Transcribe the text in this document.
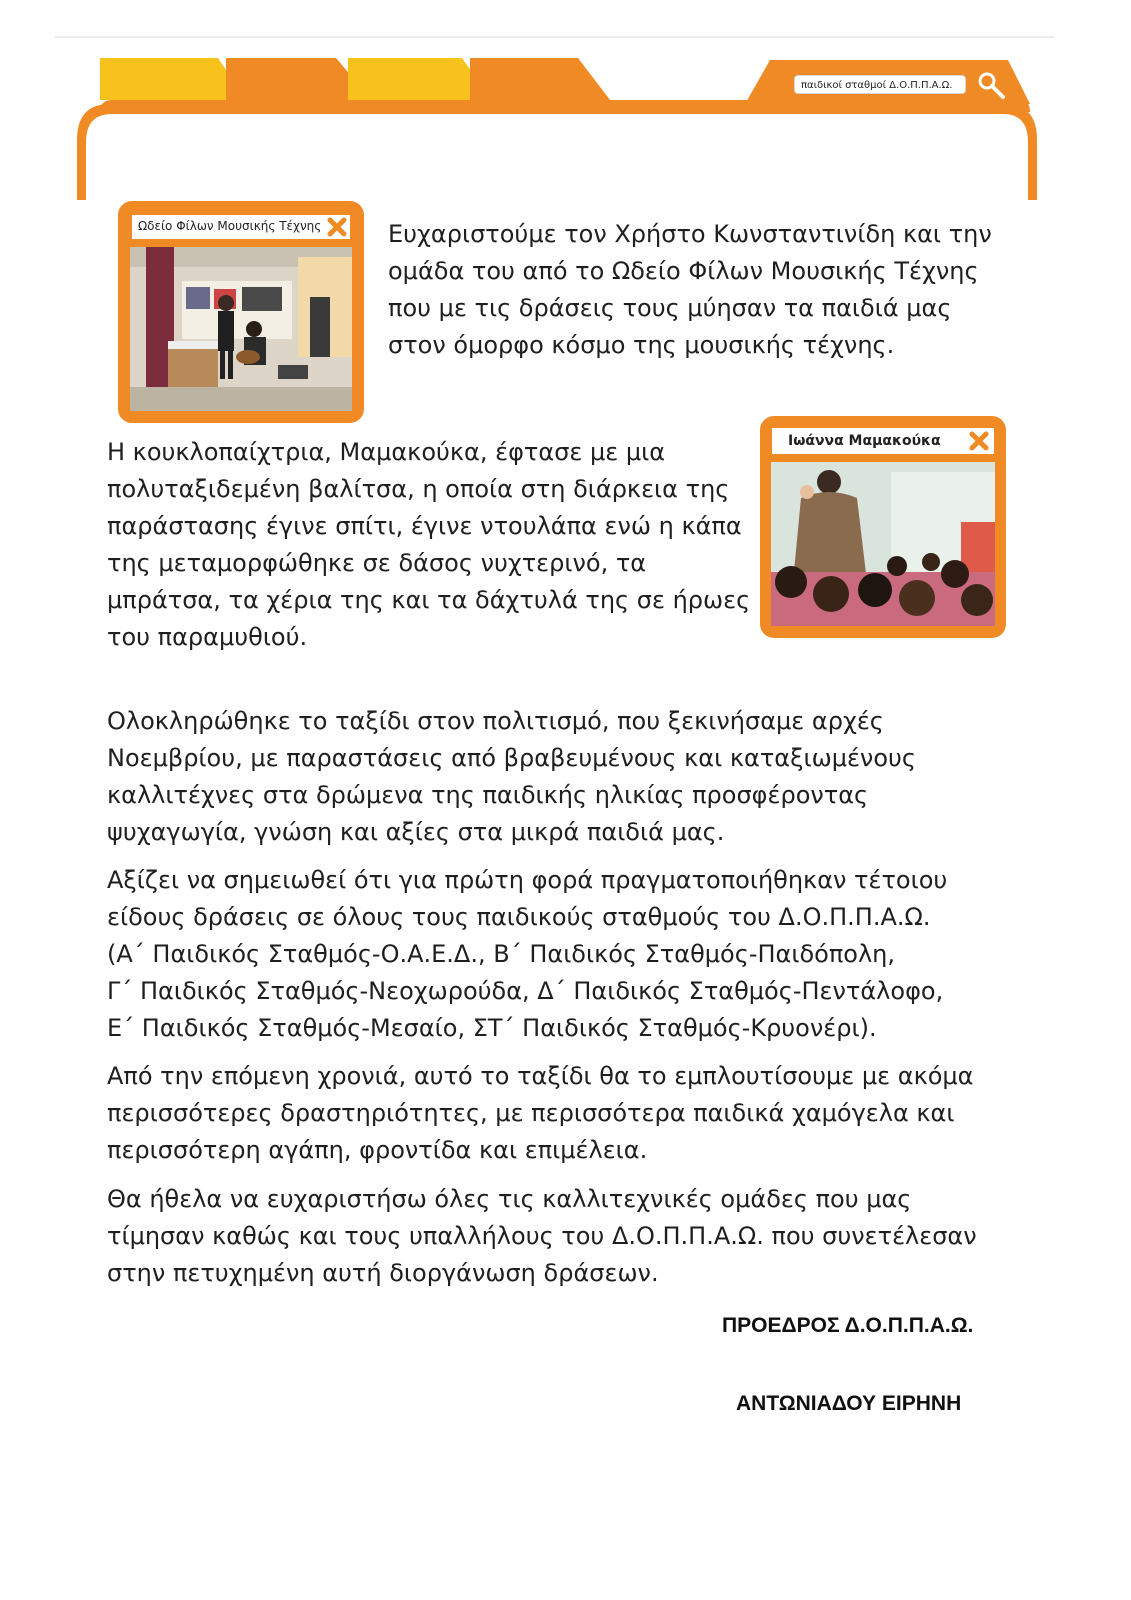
παιδικοί σταθμοί Δ.Ο.Π.Π.Α.Ω.
Ωδείο Φίλων Μουσικής Τέχνης	Ευχαριστούμε τον Χρήστο Κωνσταντινίδη και την
ομάδα του από το Ωδείο Φίλων Μουσικής Τέχνης
που με τις δράσεις τους μύησαν τα παιδιά μας
στον όμορφο κόσμο της μουσικής τέχνης.

Ιωάννα Μαμακούκα

Η κουκλοπαίχτρια, Μαμακούκα, έφτασε με μια
πολυταξιδεμένη βαλίτσα, η οποία στη διάρκεια της
παράστασης έγινε σπίτι, έγινε ντουλάπα ενώ η κάπα
της μεταμορφώθηκε σε δάσος νυχτερινό, τα
μπράτσα, τα χέρια της και τα δάχτυλά της σε ήρωες
του παραμυθιού.

Ολοκληρώθηκε το ταξίδι στον πολιτισμό, που ξεκινήσαμε αρχές
Νοεμβρίου, με παραστάσεις από βραβευμένους και καταξιωμένους
καλλιτέχνες στα δρώμενα της παιδικής ηλικίας προσφέροντας
ψυχαγωγία, γνώση και αξίες στα μικρά παιδιά μας.

Αξίζει να σημειωθεί ότι για πρώτη φορά πραγματοποιήθηκαν τέτοιου
είδους δράσεις σε όλους τους παιδικούς σταθμούς του Δ.Ο.Π.Π.Α.Ω.
(Α΄ Παιδικός Σταθμός-Ο.Α.Ε.Δ., Β΄ Παιδικός Σταθμός-Παιδόπολη,
Γ΄ Παιδικός Σταθμός-Νεοχωρούδα, Δ΄ Παιδικός Σταθμός-Πεντάλοφο,
Ε΄ Παιδικός Σταθμός-Μεσαίο, ΣΤ΄ Παιδικός Σταθμός-Κρυονέρι).

Από την επόμενη χρονιά, αυτό το ταξίδι θα το εμπλουτίσουμε με ακόμα
περισσότερες δραστηριότητες, με περισσότερα παιδικά χαμόγελα και
περισσότερη αγάπη, φροντίδα και επιμέλεια.

Θα ήθελα να ευχαριστήσω όλες τις καλλιτεχνικές ομάδες που μας
τίμησαν καθώς και τους υπαλλήλους του Δ.Ο.Π.Π.Α.Ω. που συνετέλεσαν
στην πετυχημένη αυτή διοργάνωση δράσεων.

ΠΡΟΕΔΡΟΣ Δ.Ο.Π.Π.Α.Ω.
ΑΝΤΩΝΙΑΔΟΥ ΕΙΡΗΝΗ
